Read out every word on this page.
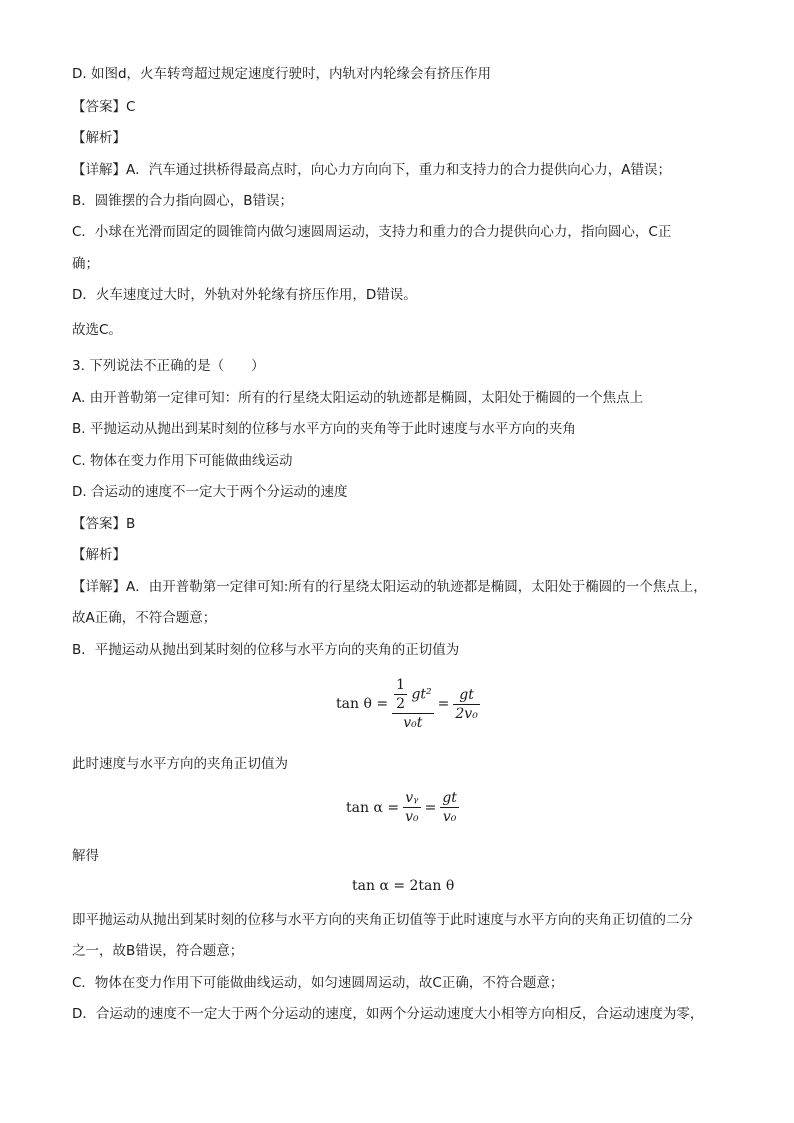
D. 如图d，火车转弯超过规定速度行驶时，内轨对内轮缘会有挤压作用
【答案】C
【解析】
【详解】A．汽车通过拱桥得最高点时，向心力方向向下，重力和支持力的合力提供向心力，A错误；
B．圆锥摆的合力指向圆心，B错误；
C．小球在光滑而固定的圆锥筒内做匀速圆周运动，支持力和重力的合力提供向心力，指向圆心，C正
确；
D．火车速度过大时，外轨对外轮缘有挤压作用，D错误。
故选C。
3. 下列说法不正确的是（　　）
A. 由开普勒第一定律可知：所有的行星绕太阳运动的轨迹都是椭圆，太阳处于椭圆的一个焦点上
B. 平抛运动从抛出到某时刻的位移与水平方向的夹角等于此时速度与水平方向的夹角
C. 物体在变力作用下可能做曲线运动
D. 合运动的速度不一定大于两个分运动的速度
【答案】B
【解析】
【详解】A．由开普勒第一定律可知:所有的行星绕太阳运动的轨迹都是椭圆，太阳处于椭圆的一个焦点上，
故A正确，不符合题意；
B．平抛运动从抛出到某时刻的位移与水平方向的夹角的正切值为
$\tan \theta = \frac{\frac{1}{2} gt^2}{\text{v₀t}} = \frac{gt}{\text{2v₀}}$
此时速度与水平方向的夹角正切值为
$\tan \alpha = \frac{\text{vᵧ}}{\text{v₀}} = \frac{gt}{\text{v₀}}$
解得
tan α = 2tan θ
即平抛运动从抛出到某时刻的位移与水平方向的夹角正切值等于此时速度与水平方向的夹角正切值的二分
之一，故B错误，符合题意；
C．物体在变力作用下可能做曲线运动，如匀速圆周运动，故C正确，不符合题意；
D．合运动的速度不一定大于两个分运动的速度，如两个分运动速度大小相等方向相反，合运动速度为零，
